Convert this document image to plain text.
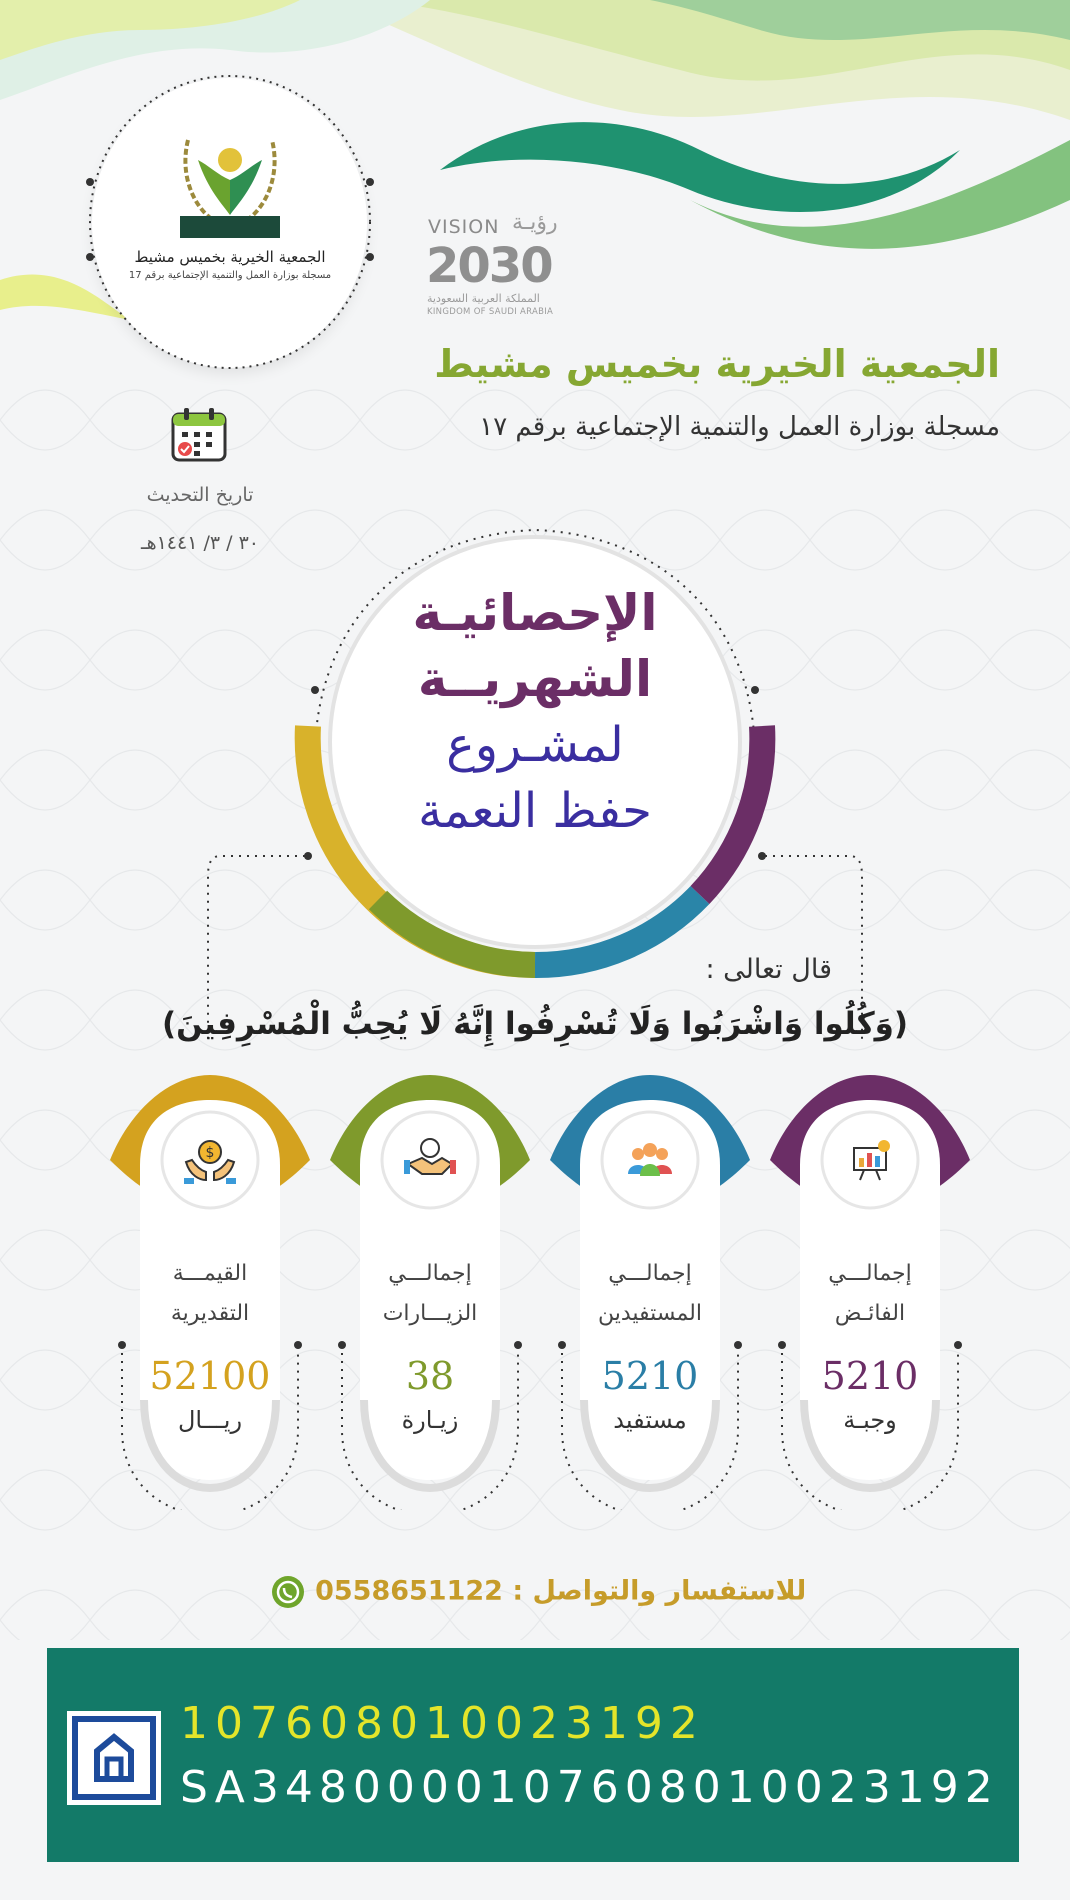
الجمعية الخيرية بخميس مشيط
مسجلة بوزارة العمل والتنمية الإجتماعية برقم 17
VISION رؤيـة
2030
المملكة العربية السعودية
KINGDOM OF SAUDI ARABIA
الجمعية الخيرية بخميس مشيط
مسجلة بوزارة العمل والتنمية الإجتماعية برقم ١٧
تاريخ التحديث
٣٠ / ٣/ ١٤٤١هـ
الإحصائيـة
الشهريــة
لمشـروع
حفظ النعمة
قال تعالى :
(وَكُلُوا وَاشْرَبُوا وَلَا تُسْرِفُوا إِنَّهُ لَا يُحِبُّ الْمُسْرِفِينَ)
إجمالـــي
الفائـض
5210
وجبـة
إجمالـــي
المستفيدين
5210
مستفيد
إجمالـــي
الزيـــارات
38
زيـارة
$
القيمـــة
التقديرية
52100
ريـــال
للاستفسار والتواصل : 0558651122
107608010023192
SA3480000107608010023192
